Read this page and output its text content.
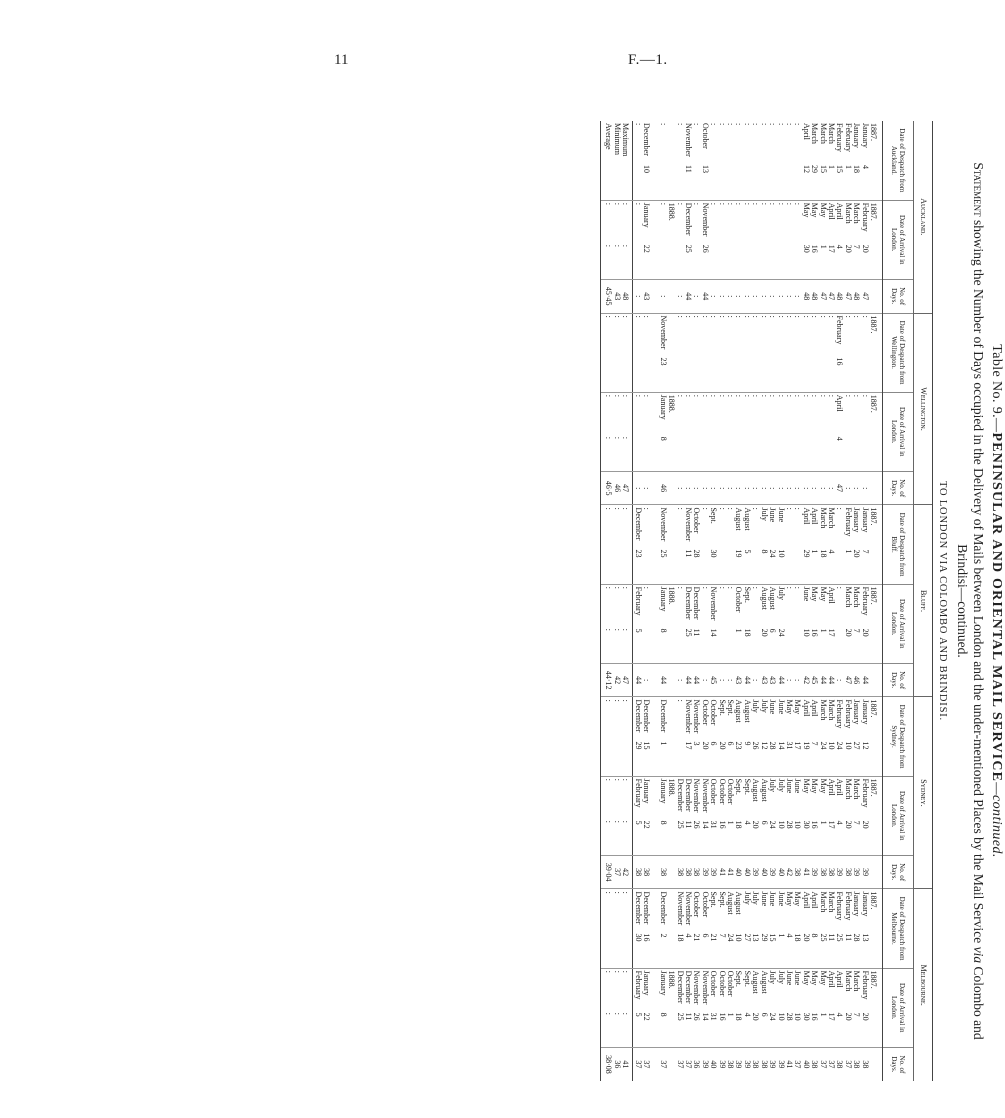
11	F.—1.
Table No. 9.—PENINSULAR AND ORIENTAL MAIL SERVICE—continued.
Statement showing the Number of Days occupied in the Delivery of Mails between London and the under-mentioned Places by the Mail Service via Colombo and Brindisi—continued.
TO LONDON VIA COLOMBO AND BRINDISI.
Auckland.			Wellington.			Bluff.			Sydney.			Melbourne.		
Date of Despatch from Auckland.	Date of Arrival in London.	No. of Days.	Date of Despatch from Wellington.	Date of Arrival in London.	No. of Days.	Date of Despatch from Bluff.	Date of Arrival in London.	No. of Days.	Date of Despatch from Sydney.	Date of Arrival in London.	No. of Days.	Date of Despatch from Melbourne.	Date of Arrival in London.	No. of Days.
1887.	1887.		1887.	1887.		1887.	1887.		1887.	1887.		1887.	1887.	
January4	February20	47	:	:	:	January7	February20	44	January12	February20	39	January13	February20	38
January18	March7	48	:	:	:	January20	March7	46	January27	March7	39	January28	March7	38
February1	March20	47	:	:	:	February1	March20	47	February10	March20	38	February11	March20	37
February15	April4	48	February16	April4	47	:	:	:	February24	April4	39	February25	April4	38
March1	April17	47	:	:	:	March4	April17	44	March10	April17	38	March11	April17	37
March15	May1	47	:	:	:	March18	May1	44	March24	May1	38	March25	May1	37
March29	May16	48	:	:	:	April1	May16	45	April7	May16	39	April8	May16	38
April12	May30	48	:	:	:	April29	June10	42	April19	May30	41	April20	May30	40
:	:	:	:	:	:	:	:	:	May17	June10	38	May18	June10	37
:	:	:	:	:	:	:	:	:	May31	June28	42	May4	June28	41
:	:	:	:	:	:	June10	July24	44	June14	July10	40	June1	July10	39
:	:	:	:	:	:	June24	August6	43	June28	July24	39	June15	July24	39
:	:	:	:	:	:	July8	August20	43	July12	August6	40	June29	August6	38
:	:	:	:	:	:	:	:	:	July26	August20	39	July13	August20	38
:	:	:	:	:	:	August5	Sept.18	44	August9	Sept.4	40	July27	Sept.4	39
:	:	:	:	:	:	August19	October1	43	August23	Sept.18	40	August10	Sept.18	39
:	:	:	:	:	:	:	:	:	Sept.6	October1	41	August24	October1	38
:	:	:	:	:	:	:	:	:	Sept.20	October16	41	Sept.7	October16	39
:	:	:	:	:	:	Sept.30	November14	45	October6	October31	39	Sept.21	October31	40
October13	November26	44	:	:	:	:	:	:	October20	November14	39	October6	November14	39
:	:	:	:	:	:	October28	December11	44	November3	November26	38	October21	November26	36
November11	December25	44	:	:	:	November11	December25	44	November17	December11	38	November4	December11	37
:	:	:	:	:	:	:	:	:	:	December25	38	November18	December25	37
	1888.			1888.			1888.			1888.			1888.	
:	:	:	November23	January8	46	November25	January8	44	December1	January8	38	December2	January8	37

December10	January22	43	:	:	:	:	:	:	December15	January22	38	December16	January22	37
:	:	:	:	:	:	December23	February5	44	December29	February5	38	December30	February5	37
Maximum	::	48	:	::	47	:	::	47	:	::	42	:	::	41
Minimum	::	43	:	::	46	:	::	42	:	::	37	:	::	36
Average	::	45·45	:	::	46·5	:	::	44·12	:	::	39·04	:	::	38·08
